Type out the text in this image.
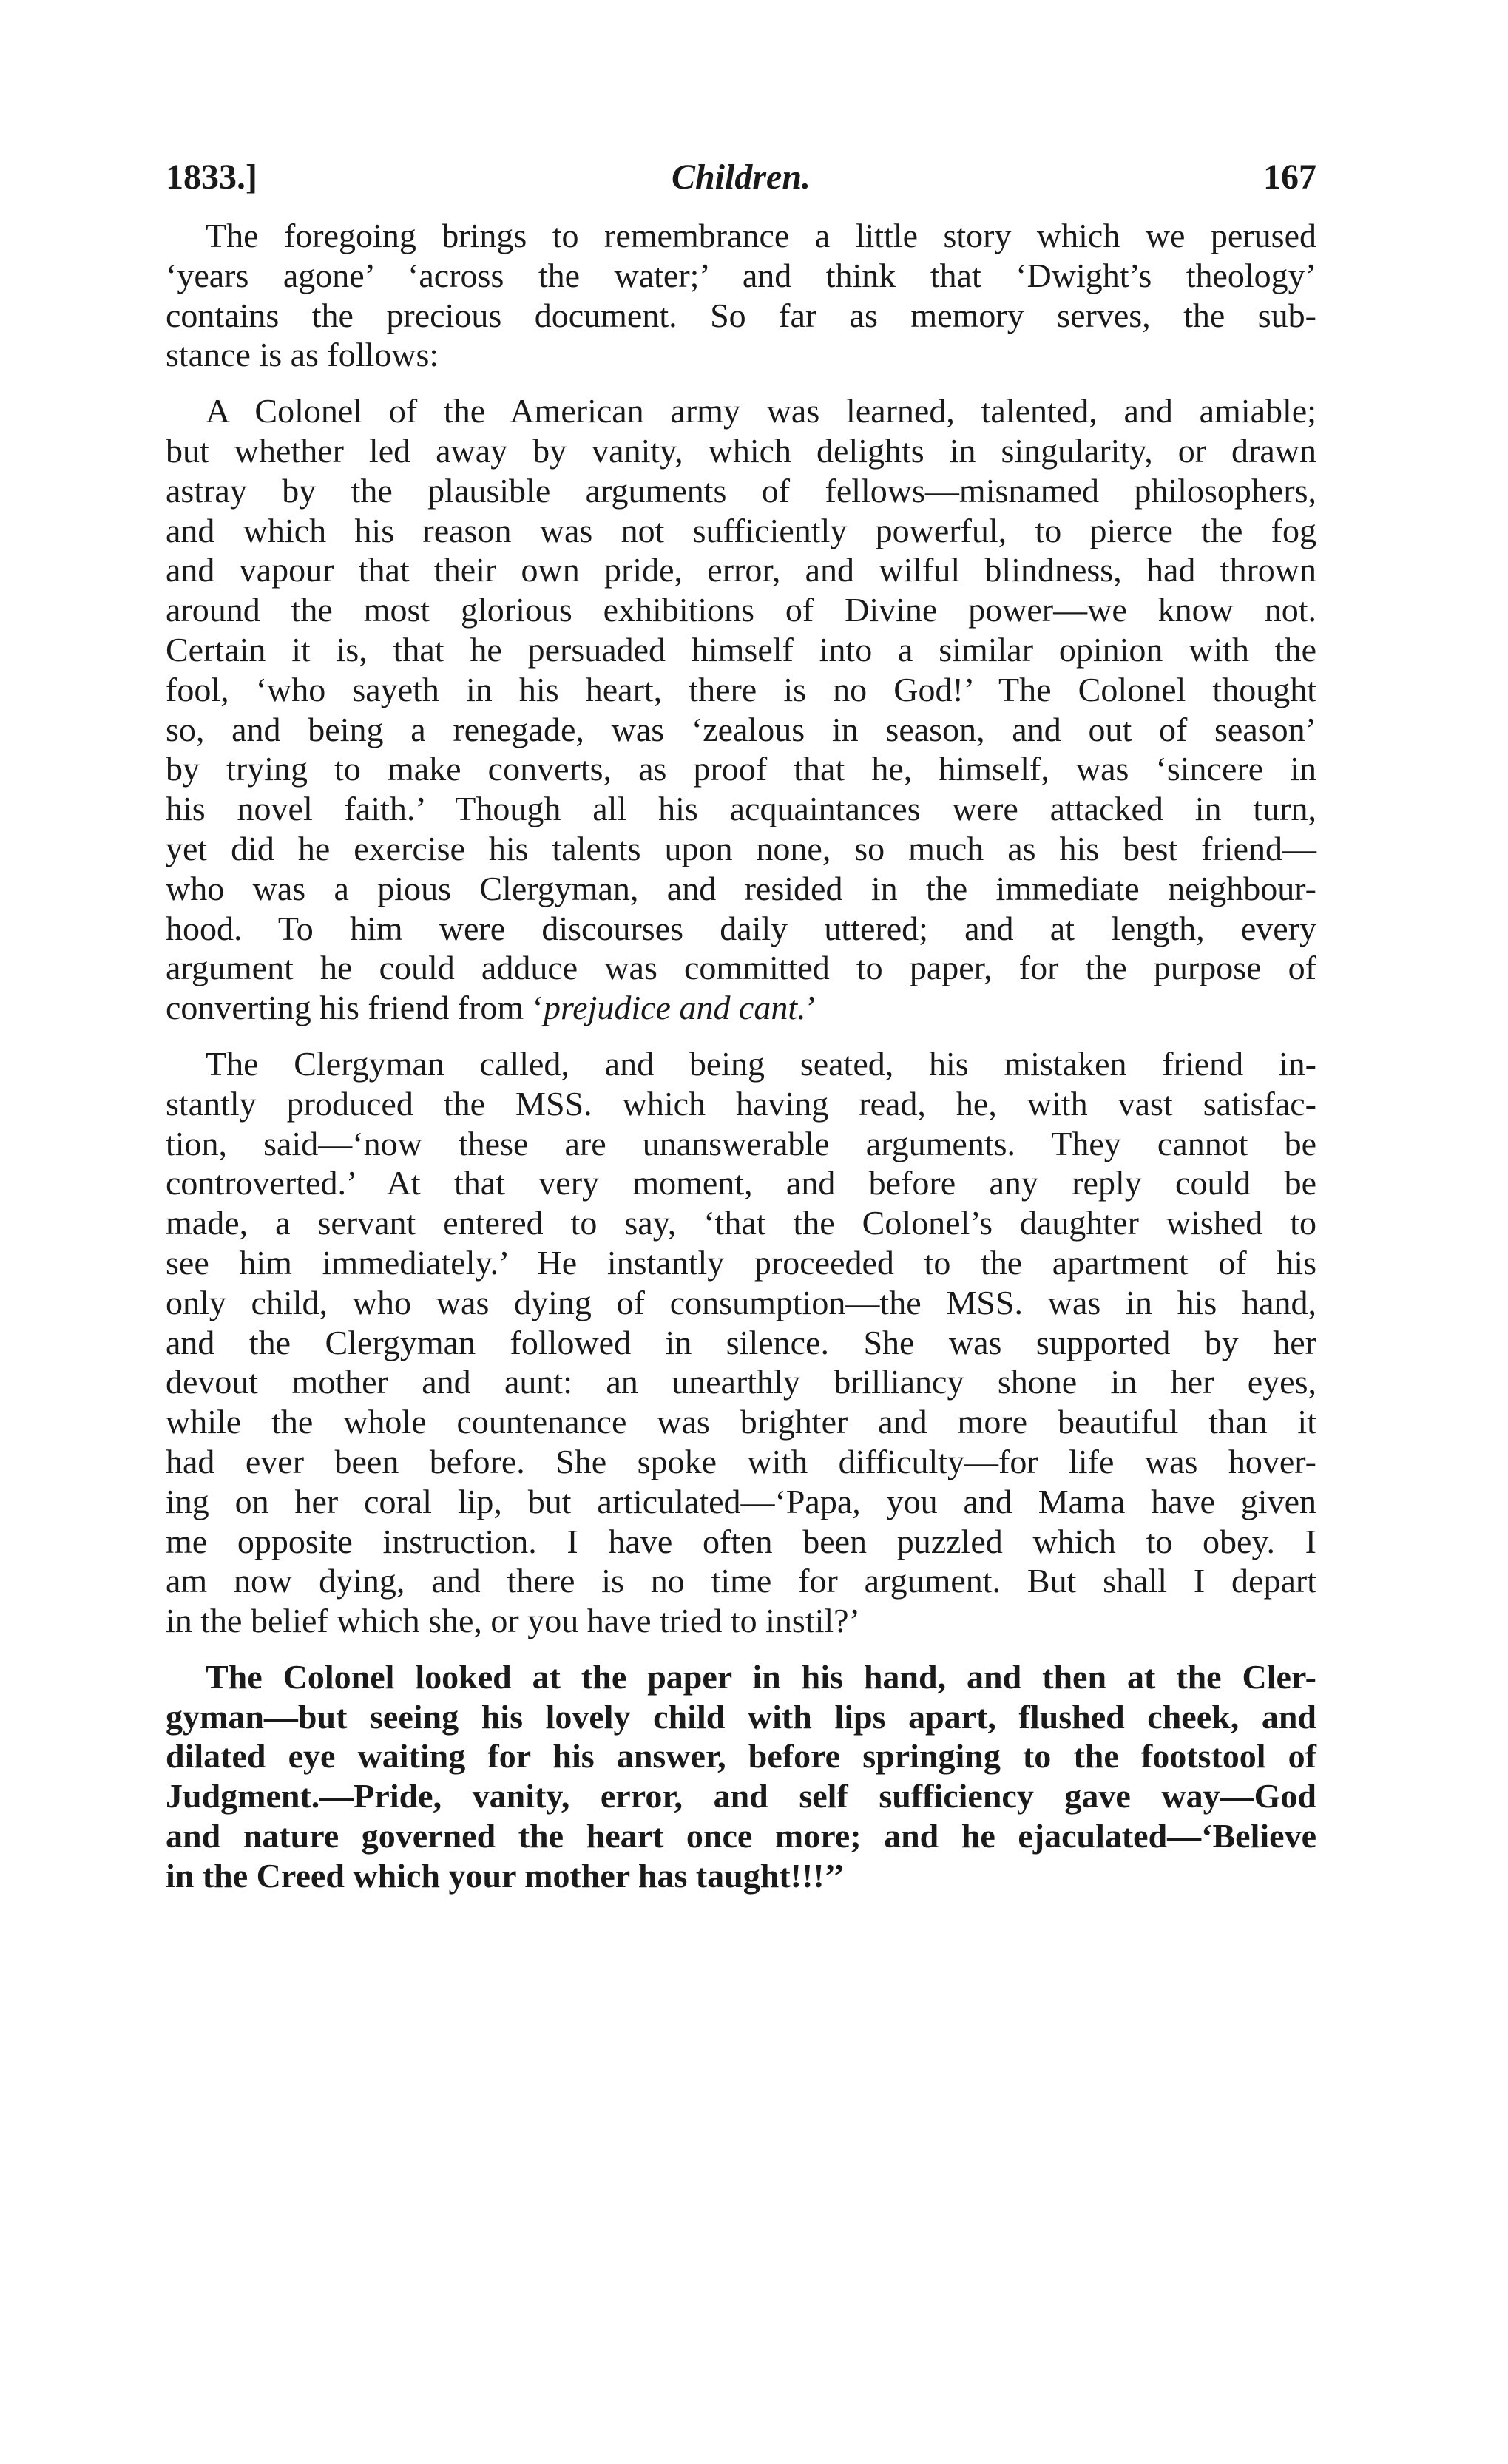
1833.]	Children.	167
The foregoing brings to remembrance a little story which we perused
‘years agone’ ‘across the water;’ and think that ‘Dwight’s theology’
contains the precious document. So far as memory serves, the sub-
stance is as follows:
A Colonel of the American army was learned, talented, and amiable;
but whether led away by vanity, which delights in singularity, or drawn
astray by the plausible arguments of fellows—misnamed philosophers,
and which his reason was not sufficiently powerful, to pierce the fog
and vapour that their own pride, error, and wilful blindness, had thrown
around the most glorious exhibitions of Divine power—we know not.
Certain it is, that he persuaded himself into a similar opinion with the
fool, ‘who sayeth in his heart, there is no God!’ The Colonel thought
so, and being a renegade, was ‘zealous in season, and out of season’
by trying to make converts, as proof that he, himself, was ‘sincere in
his novel faith.’ Though all his acquaintances were attacked in turn,
yet did he exercise his talents upon none, so much as his best friend—
who was a pious Clergyman, and resided in the immediate neighbour-
hood. To him were discourses daily uttered; and at length, every
argument he could adduce was committed to paper, for the purpose of
converting his friend from ‘prejudice and cant.’
The Clergyman called, and being seated, his mistaken friend in-
stantly produced the MSS. which having read, he, with vast satisfac-
tion, said—‘now these are unanswerable arguments. They cannot be
controverted.’ At that very moment, and before any reply could be
made, a servant entered to say, ‘that the Colonel’s daughter wished to
see him immediately.’ He instantly proceeded to the apartment of his
only child, who was dying of consumption—the MSS. was in his hand,
and the Clergyman followed in silence. She was supported by her
devout mother and aunt: an unearthly brilliancy shone in her eyes,
while the whole countenance was brighter and more beautiful than it
had ever been before. She spoke with difficulty—for life was hover-
ing on her coral lip, but articulated—‘Papa, you and Mama have given
me opposite instruction. I have often been puzzled which to obey. I
am now dying, and there is no time for argument. But shall I depart
in the belief which she, or you have tried to instil?’
The Colonel looked at the paper in his hand, and then at the Cler-
gyman—but seeing his lovely child with lips apart, flushed cheek, and
dilated eye waiting for his answer, before springing to the footstool of
Judgment.—Pride, vanity, error, and self sufficiency gave way—God
and nature governed the heart once more; and he ejaculated—‘Believe
in the Creed which your mother has taught!!!’’
